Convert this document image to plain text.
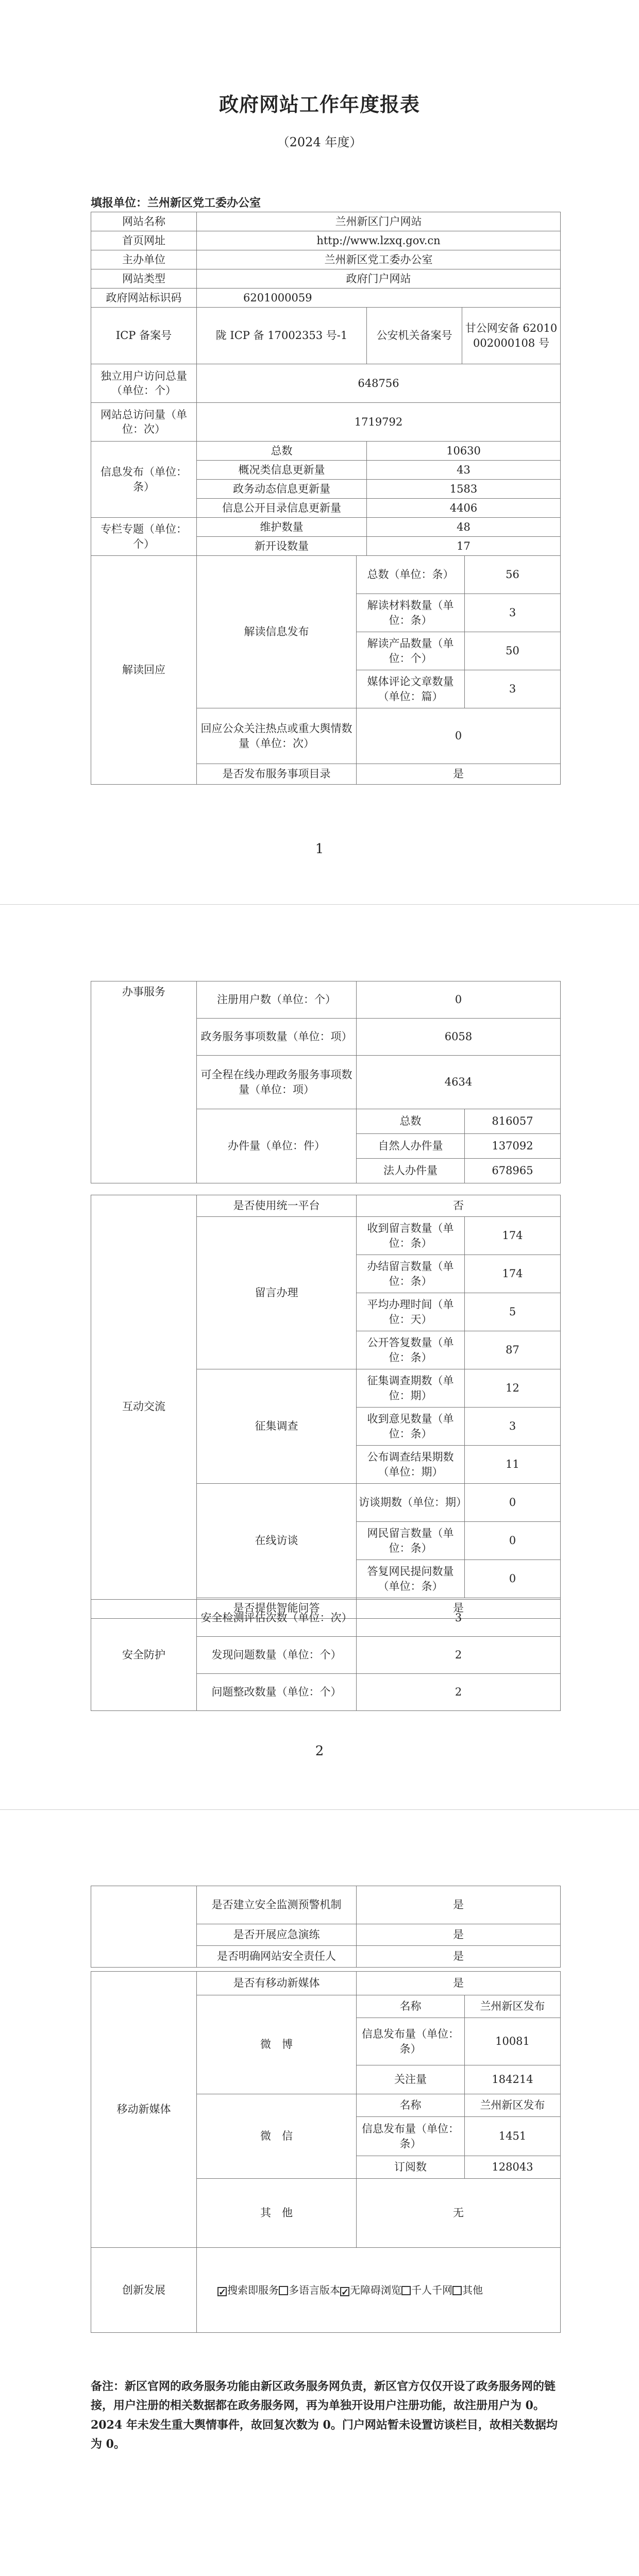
政府网站工作年度报表
（2024 年度）
填报单位：兰州新区党工委办公室
网站名称	兰州新区门户网站		
首页网址	http://www.lzxq.gov.cn		
主办单位	兰州新区党工委办公室		
网站类型	政府门户网站		
政府网站标识码	6201000059		
ICP 备案号	陇 ICP 备 17002353 号-1	公安机关备案号	甘公网安备 62010002000108 号
独立用户访问总量（单位：个）	648756		
网站总访问量（单位：次）	1719792		
信息发布（单位：条）	总数	10630
	概况类信息更新量	43
	政务动态信息更新量	1583
	信息公开目录信息更新量	4406
专栏专题（单位：个）	维护数量	48
	新开设数量	17
解读回应	解读信息发布	总数（单位：条）	56
		解读材料数量（单位：条）	3
		解读产品数量（单位：个）	50
		媒体评论文章数量（单位：篇）	3
	回应公众关注热点或重大舆情数量（单位：次）	0	
	是否发布服务事项目录	是	
1
办事服务	注册用户数（单位：个）	0	
	政务服务事项数量（单位：项）	6058	
	可全程在线办理政务服务事项数量（单位：项）	4634	
	办件量（单位：件）	总数	816057
		自然人办件量	137092
		法人办件量	678965
互动交流	是否使用统一平台	否	
	留言办理	收到留言数量（单位：条）	174
		办结留言数量（单位：条）	174
		平均办理时间（单位：天）	5
		公开答复数量（单位：条）	87
	征集调查	征集调查期数（单位：期）	12
		收到意见数量（单位：条）	3
		公布调查结果期数（单位：期）	11
	在线访谈	访谈期数（单位：期）	0
		网民留言数量（单位：条）	0
		答复网民提问数量（单位：条）	0
	是否提供智能问答	是	
安全防护	安全检测评估次数（单位：次）	3
	发现问题数量（单位：个）	2
	问题整改数量（单位：个）	2
2
	是否建立安全监测预警机制	是
	是否开展应急演练	是
	是否明确网站安全责任人	是
移动新媒体	是否有移动新媒体	是	
	微　博	名称	兰州新区发布
		信息发布量（单位：条）	10081
		关注量	184214
	微　信	名称	兰州新区发布
		信息发布量（单位：条）	1451
		订阅数	128043
	其　他	无	
创新发展	✓搜索即服务 多语言版本 ✓ 无障碍浏览 千人千网 其他
备注：新区官网的政务服务功能由新区政务服务网负责，新区官方仅仅开设了政务服务网的链接，用户注册的相关数据都在政务服务网，再为单独开设用户注册功能，故注册用户为 0。2024 年未发生重大舆情事件，故回复次数为 0。门户网站暂未设置访谈栏目，故相关数据均为 0。
